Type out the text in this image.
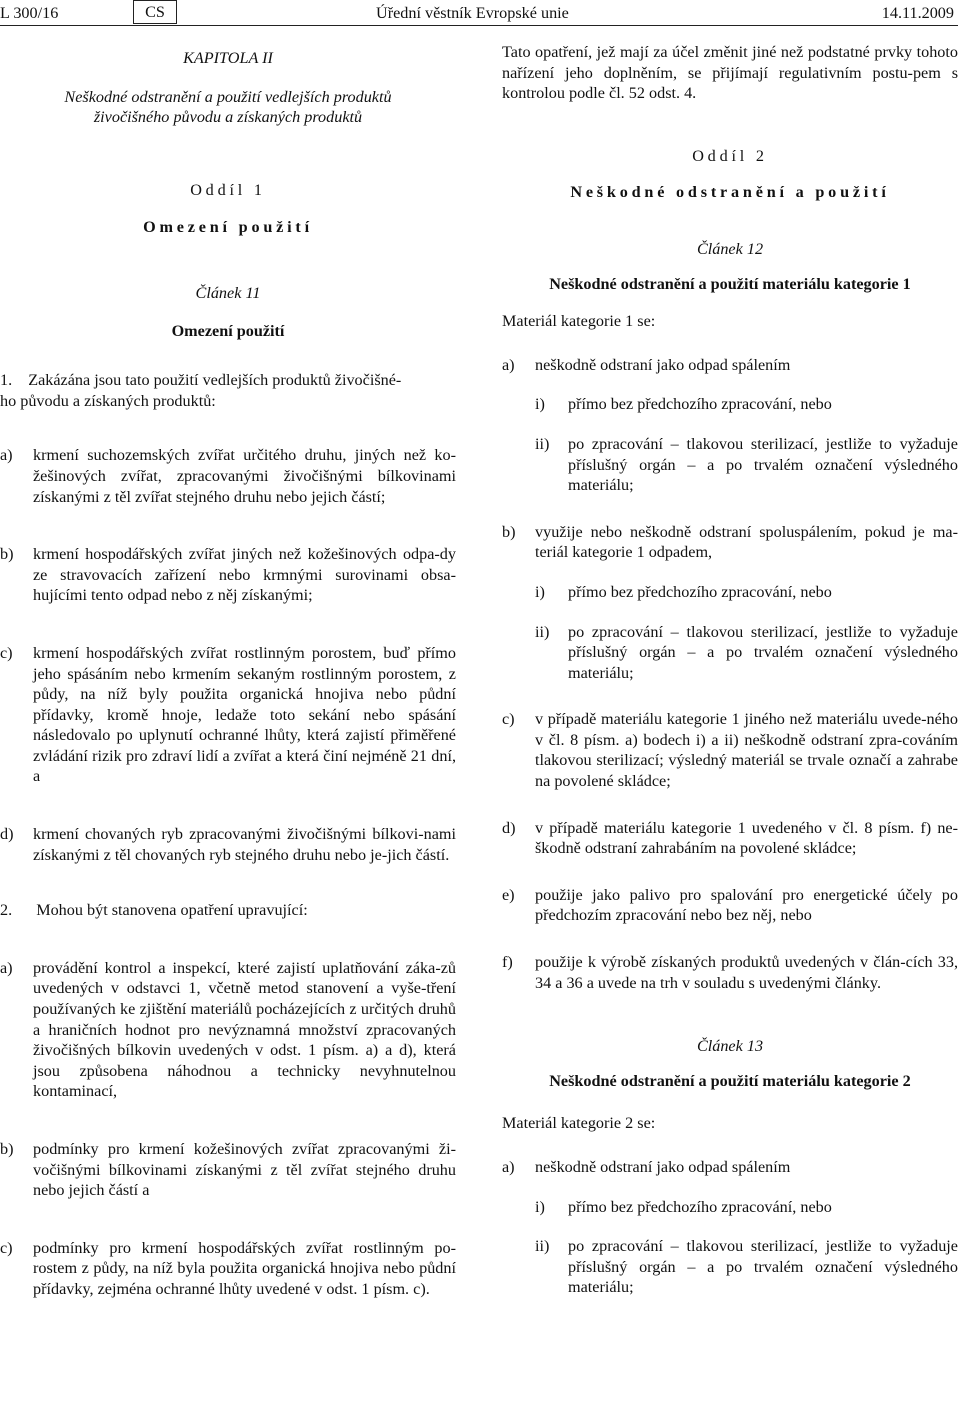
L 300/16	CS	Úřední věstník Evropské unie	14.11.2009

KAPITOLA II

Neškodné odstranění a použití vedlejších produktů

živočišného původu a získaných produktů

Oddíl 1

Omezení použití

Článek 11

Omezení použití

1. Zakázána jsou tato použití vedlejších produktů živočišné-
ho původu a získaných produktů:

a) krmení suchozemských zvířat určitého druhu, jiných než ko-žešinových zvířat, zpracovanými živočišnými bílkovinami získanými z těl zvířat stejného druhu nebo jejich částí;
b) krmení hospodářských zvířat jiných než kožešinových odpa-dy ze stravovacích zařízení nebo krmnými surovinami obsa-hujícími tento odpad nebo z něj získanými;
c) krmení hospodářských zvířat rostlinným porostem, buď přímo jeho spásáním nebo krmením sekaným rostlinným porostem, z půdy, na níž byly použita organická hnojiva nebo půdní přídavky, kromě hnoje, ledaže toto sekání nebo spásání následovalo po uplynutí ochranné lhůty, která zajistí přiměřené zvládání rizik pro zdraví lidí a zvířat a která činí nejméně 21 dní, a
d) krmení chovaných ryb zpracovanými živočišnými bílkovi-nami získanými z těl chovaných ryb stejného druhu nebo je-jich částí.

2. Mohou být stanovena opatření upravující:

a) provádění kontrol a inspekcí, které zajistí uplatňování záka-zů uvedených v odstavci 1, včetně metod stanovení a vyše-tření používaných ke zjištění materiálů pocházejících z určitých druhů a hraničních hodnot pro nevýznamná množství zpracovaných živočišných bílkovin uvedených v odst. 1 písm. a) a d), která jsou způsobena náhodnou a technicky nevyhnutelnou kontaminací,
b) podmínky pro krmení kožešinových zvířat zpracovanými ži-vočišnými bílkovinami získanými z těl zvířat stejného druhu nebo jejich částí a
c) podmínky pro krmení hospodářských zvířat rostlinným po-rostem z půdy, na níž byla použita organická hnojiva nebo půdní přídavky, zejména ochranné lhůty uvedené v odst. 1 písm. c).

Tato opatření, jež mají za účel změnit jiné než podstatné prvky tohoto nařízení jeho doplněním, se přijímají regulativním postu-pem s kontrolou podle čl. 52 odst. 4.

Oddíl 2

Neškodné odstranění a použití

Článek 12

Neškodné odstranění a použití materiálu kategorie 1

Materiál kategorie 1 se:

a) neškodně odstraní jako odpad spálením
i) přímo bez předchozího zpracování, nebo
ii) po zpracování – tlakovou sterilizací, jestliže to vyžaduje příslušný orgán – a po trvalém označení výsledného materiálu;
b) využije nebo neškodně odstraní spoluspálením, pokud je ma-teriál kategorie 1 odpadem,
i) přímo bez předchozího zpracování, nebo
ii) po zpracování – tlakovou sterilizací, jestliže to vyžaduje příslušný orgán – a po trvalém označení výsledného materiálu;
c) v případě materiálu kategorie 1 jiného než materiálu uvede-ného v čl. 8 písm. a) bodech i) a ii) neškodně odstraní zpra-cováním tlakovou sterilizací; výsledný materiál se trvale označí a zahrabe na povolené skládce;
d) v případě materiálu kategorie 1 uvedeného v čl. 8 písm. f) ne-škodně odstraní zahrabáním na povolené skládce;
e) použije jako palivo pro spalování pro energetické účely po předchozím zpracování nebo bez něj, nebo
f) použije k výrobě získaných produktů uvedených v člán-cích 33, 34 a 36 a uvede na trh v souladu s uvedenými články.

Článek 13

Neškodné odstranění a použití materiálu kategorie 2

Materiál kategorie 2 se:

a) neškodně odstraní jako odpad spálením
i) přímo bez předchozího zpracování, nebo
ii) po zpracování – tlakovou sterilizací, jestliže to vyžaduje příslušný orgán – a po trvalém označení výsledného materiálu;
